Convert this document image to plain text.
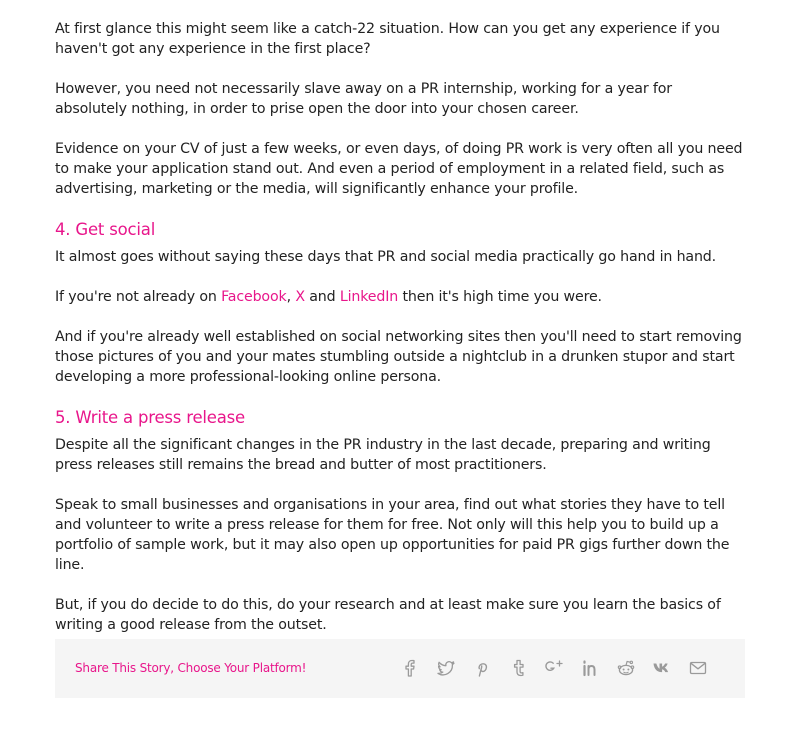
At first glance this might seem like a catch-22 situation. How can you get any experience if you haven't got any experience in the first place?

However, you need not necessarily slave away on a PR internship, working for a year for absolutely nothing, in order to prise open the door into your chosen career.

Evidence on your CV of just a few weeks, or even days, of doing PR work is very often all you need to make your application stand out. And even a period of employment in a related field, such as advertising, marketing or the media, will significantly enhance your profile.

4. Get social

It almost goes without saying these days that PR and social media practically go hand in hand.

If you're not already on Facebook, X and LinkedIn then it's high time you were.

And if you're already well established on social networking sites then you'll need to start removing those pictures of you and your mates stumbling outside a nightclub in a drunken stupor and start developing a more professional-looking online persona.

5. Write a press release

Despite all the significant changes in the PR industry in the last decade, preparing and writing press releases still remains the bread and butter of most practitioners.

Speak to small businesses and organisations in your area, find out what stories they have to tell and volunteer to write a press release for them for free. Not only will this help you to build up a portfolio of sample work, but it may also open up opportunities for paid PR gigs further down the line.

But, if you do decide to do this, do your research and at least make sure you learn the basics of writing a good release from the outset.

Share This Story, Choose Your Platform!
